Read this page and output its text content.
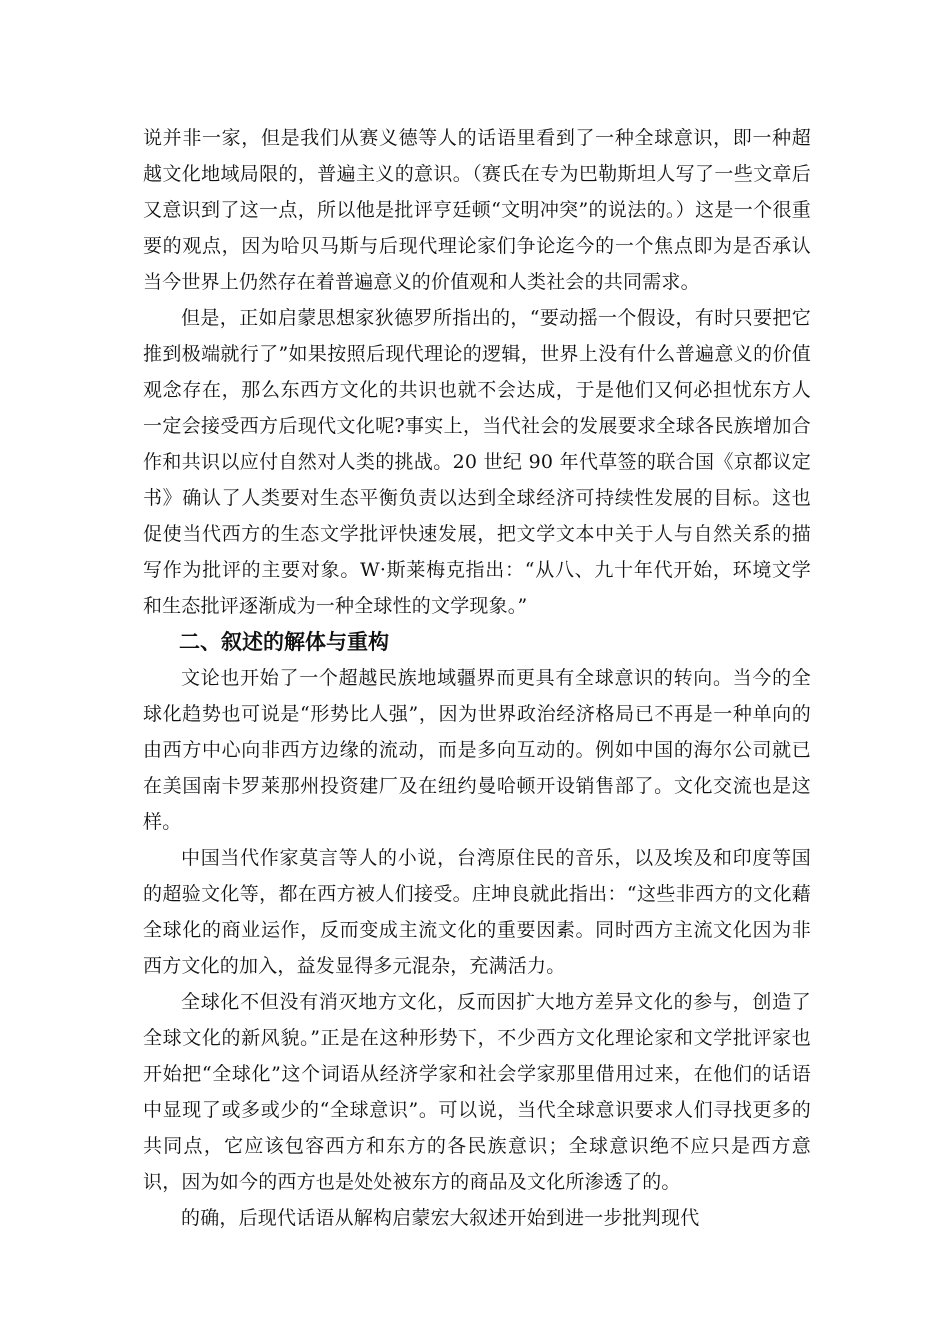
说并非一家，但是我们从赛义德等人的话语里看到了一种全球意识，即一种超越文化地域局限的，普遍主义的意识。（赛氏在专为巴勒斯坦人写了一些文章后又意识到了这一点，所以他是批评亨廷顿“文明冲突”的说法的。）这是一个很重要的观点，因为哈贝马斯与后现代理论家们争论迄今的一个焦点即为是否承认当今世界上仍然存在着普遍意义的价值观和人类社会的共同需求。

但是，正如启蒙思想家狄德罗所指出的，“要动摇一个假设，有时只要把它推到极端就行了”如果按照后现代理论的逻辑，世界上没有什么普遍意义的价值观念存在，那么东西方文化的共识也就不会达成，于是他们又何必担忧东方人一定会接受西方后现代文化呢?事实上，当代社会的发展要求全球各民族增加合作和共识以应付自然对人类的挑战。20 世纪 90 年代草签的联合国《京都议定书》确认了人类要对生态平衡负责以达到全球经济可持续性发展的目标。这也促使当代西方的生态文学批评快速发展，把文学文本中关于人与自然关系的描写作为批评的主要对象。W·斯莱梅克指出：“从八、九十年代开始，环境文学和生态批评逐渐成为一种全球性的文学现象。”

二、叙述的解体与重构

文论也开始了一个超越民族地域疆界而更具有全球意识的转向。当今的全球化趋势也可说是“形势比人强”，因为世界政治经济格局已不再是一种单向的由西方中心向非西方边缘的流动，而是多向互动的。例如中国的海尔公司就已在美国南卡罗莱那州投资建厂及在纽约曼哈顿开设销售部了。文化交流也是这样。

中国当代作家莫言等人的小说，台湾原住民的音乐，以及埃及和印度等国的超验文化等，都在西方被人们接受。庄坤良就此指出：“这些非西方的文化藉全球化的商业运作，反而变成主流文化的重要因素。同时西方主流文化因为非西方文化的加入，益发显得多元混杂，充满活力。

全球化不但没有消灭地方文化，反而因扩大地方差异文化的参与，创造了全球文化的新风貌。”正是在这种形势下，不少西方文化理论家和文学批评家也开始把“全球化”这个词语从经济学家和社会学家那里借用过来，在他们的话语中显现了或多或少的“全球意识”。可以说，当代全球意识要求人们寻找更多的共同点，它应该包容西方和东方的各民族意识；全球意识绝不应只是西方意识，因为如今的西方也是处处被东方的商品及文化所渗透了的。

的确，后现代话语从解构启蒙宏大叙述开始到进一步批判现代
